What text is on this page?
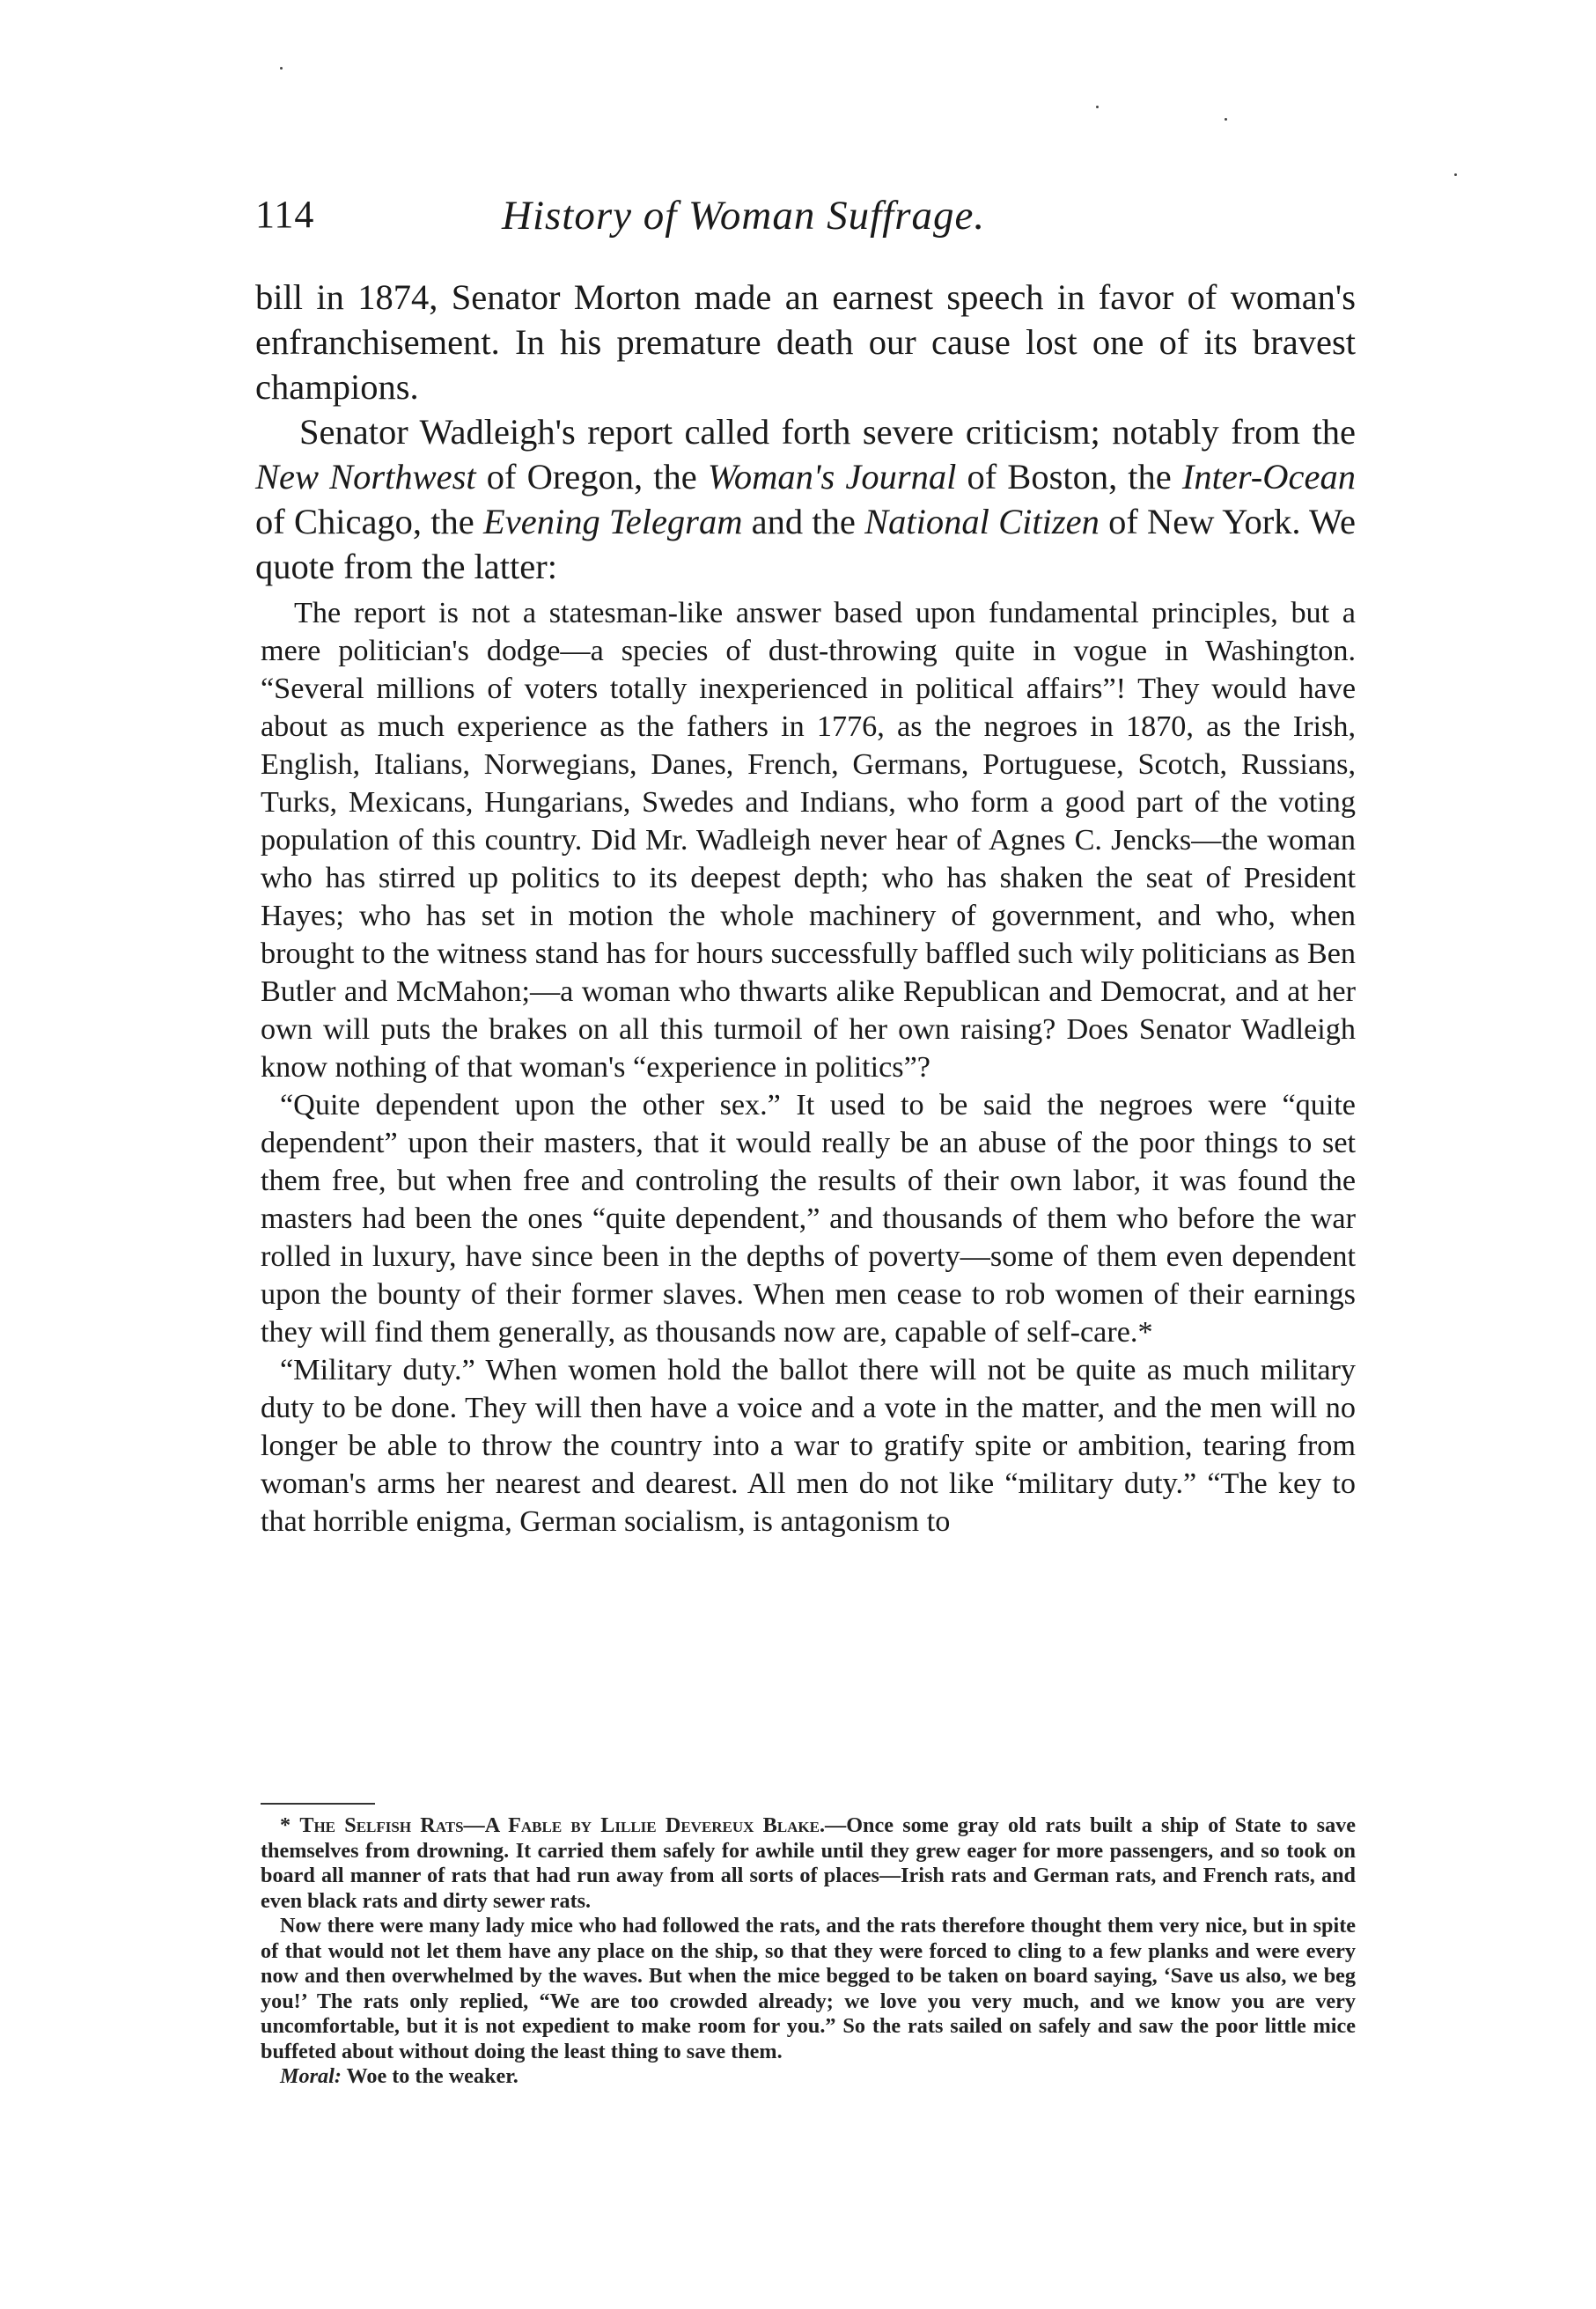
114	History of Woman Suffrage.

bill in 1874, Senator Morton made an earnest speech in favor of woman's enfranchisement. In his premature death our cause lost one of its bravest champions.

Senator Wadleigh's report called forth severe criticism; notably from the New Northwest of Oregon, the Woman's Journal of Boston, the Inter-Ocean of Chicago, the Evening Telegram and the National Citizen of New York. We quote from the latter:

The report is not a statesman-like answer based upon fundamental principles, but a mere politician's dodge—a species of dust-throwing quite in vogue in Washington. “Several millions of voters totally inexperienced in political affairs”! They would have about as much experience as the fathers in 1776, as the negroes in 1870, as the Irish, English, Italians, Norwegians, Danes, French, Germans, Portuguese, Scotch, Russians, Turks, Mexicans, Hungarians, Swedes and Indians, who form a good part of the voting population of this country. Did Mr. Wadleigh never hear of Agnes C. Jencks—the woman who has stirred up politics to its deepest depth; who has shaken the seat of President Hayes; who has set in motion the whole machinery of government, and who, when brought to the witness stand has for hours successfully baffled such wily politicians as Ben Butler and McMahon;—a woman who thwarts alike Republican and Democrat, and at her own will puts the brakes on all this turmoil of her own raising? Does Senator Wadleigh know nothing of that woman's “experience in politics”?

“Quite dependent upon the other sex.” It used to be said the negroes were “quite dependent” upon their masters, that it would really be an abuse of the poor things to set them free, but when free and controling the results of their own labor, it was found the masters had been the ones “quite dependent,” and thousands of them who before the war rolled in luxury, have since been in the depths of poverty—some of them even dependent upon the bounty of their former slaves. When men cease to rob women of their earnings they will find them generally, as thousands now are, capable of self-care.*

“Military duty.” When women hold the ballot there will not be quite as much military duty to be done. They will then have a voice and a vote in the matter, and the men will no longer be able to throw the country into a war to gratify spite or ambition, tearing from woman's arms her nearest and dearest. All men do not like “military duty.” “The key to that horrible enigma, German socialism, is antagonism to

* The Selfish Rats—A Fable by Lillie Devereux Blake.—Once some gray old rats built a ship of State to save themselves from drowning. It carried them safely for awhile until they grew eager for more passengers, and so took on board all manner of rats that had run away from all sorts of places—Irish rats and German rats, and French rats, and even black rats and dirty sewer rats.

Now there were many lady mice who had followed the rats, and the rats therefore thought them very nice, but in spite of that would not let them have any place on the ship, so that they were forced to cling to a few planks and were every now and then overwhelmed by the waves. But when the mice begged to be taken on board saying, ‘Save us also, we beg you!’ The rats only replied, “We are too crowded already; we love you very much, and we know you are very uncomfortable, but it is not expedient to make room for you.” So the rats sailed on safely and saw the poor little mice buffeted about without doing the least thing to save them.

Moral: Woe to the weaker.
